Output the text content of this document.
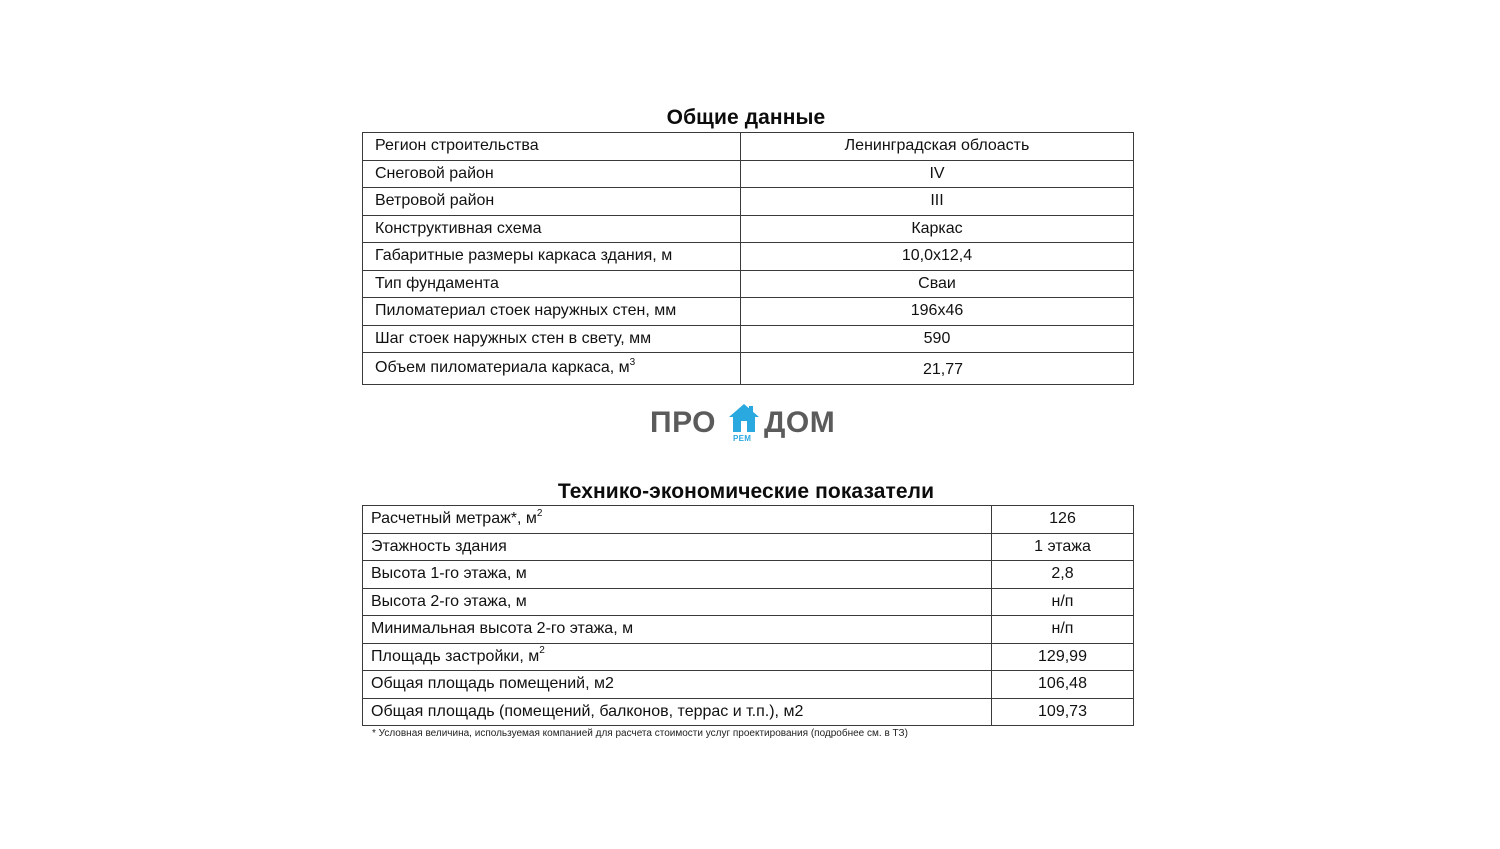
Общие данные
Регион строительства	Ленинградская облоасть
Снеговой район	IV
Ветровой район	III
Конструктивная схема	Каркас
Габаритные размеры каркаса здания, м	10,0х12,4
Тип фундамента	Сваи
Пиломатериал стоек наружных стен, мм	196х46
Шаг стоек наружных стен в свету, мм	590
Объем пиломатериала каркаса, $м^3$	21,77
ПРО РЕМ ДОМ
Технико-экономические показатели
Расчетный метраж*, $м^2$	126
Этажность здания	1 этажа
Высота 1-го этажа, м	2,8
Высота 2-го этажа, м	н/п
Минимальная высота 2-го этажа, м	н/п
Площадь застройки, $м^2$	129,99
Общая площадь помещений, м2	106,48
Общая площадь (помещений, балконов, террас и т.п.), м2	109,73
* Условная величина, используемая компанией для расчета стоимости услуг проектирования (подробнее см. в ТЗ)
